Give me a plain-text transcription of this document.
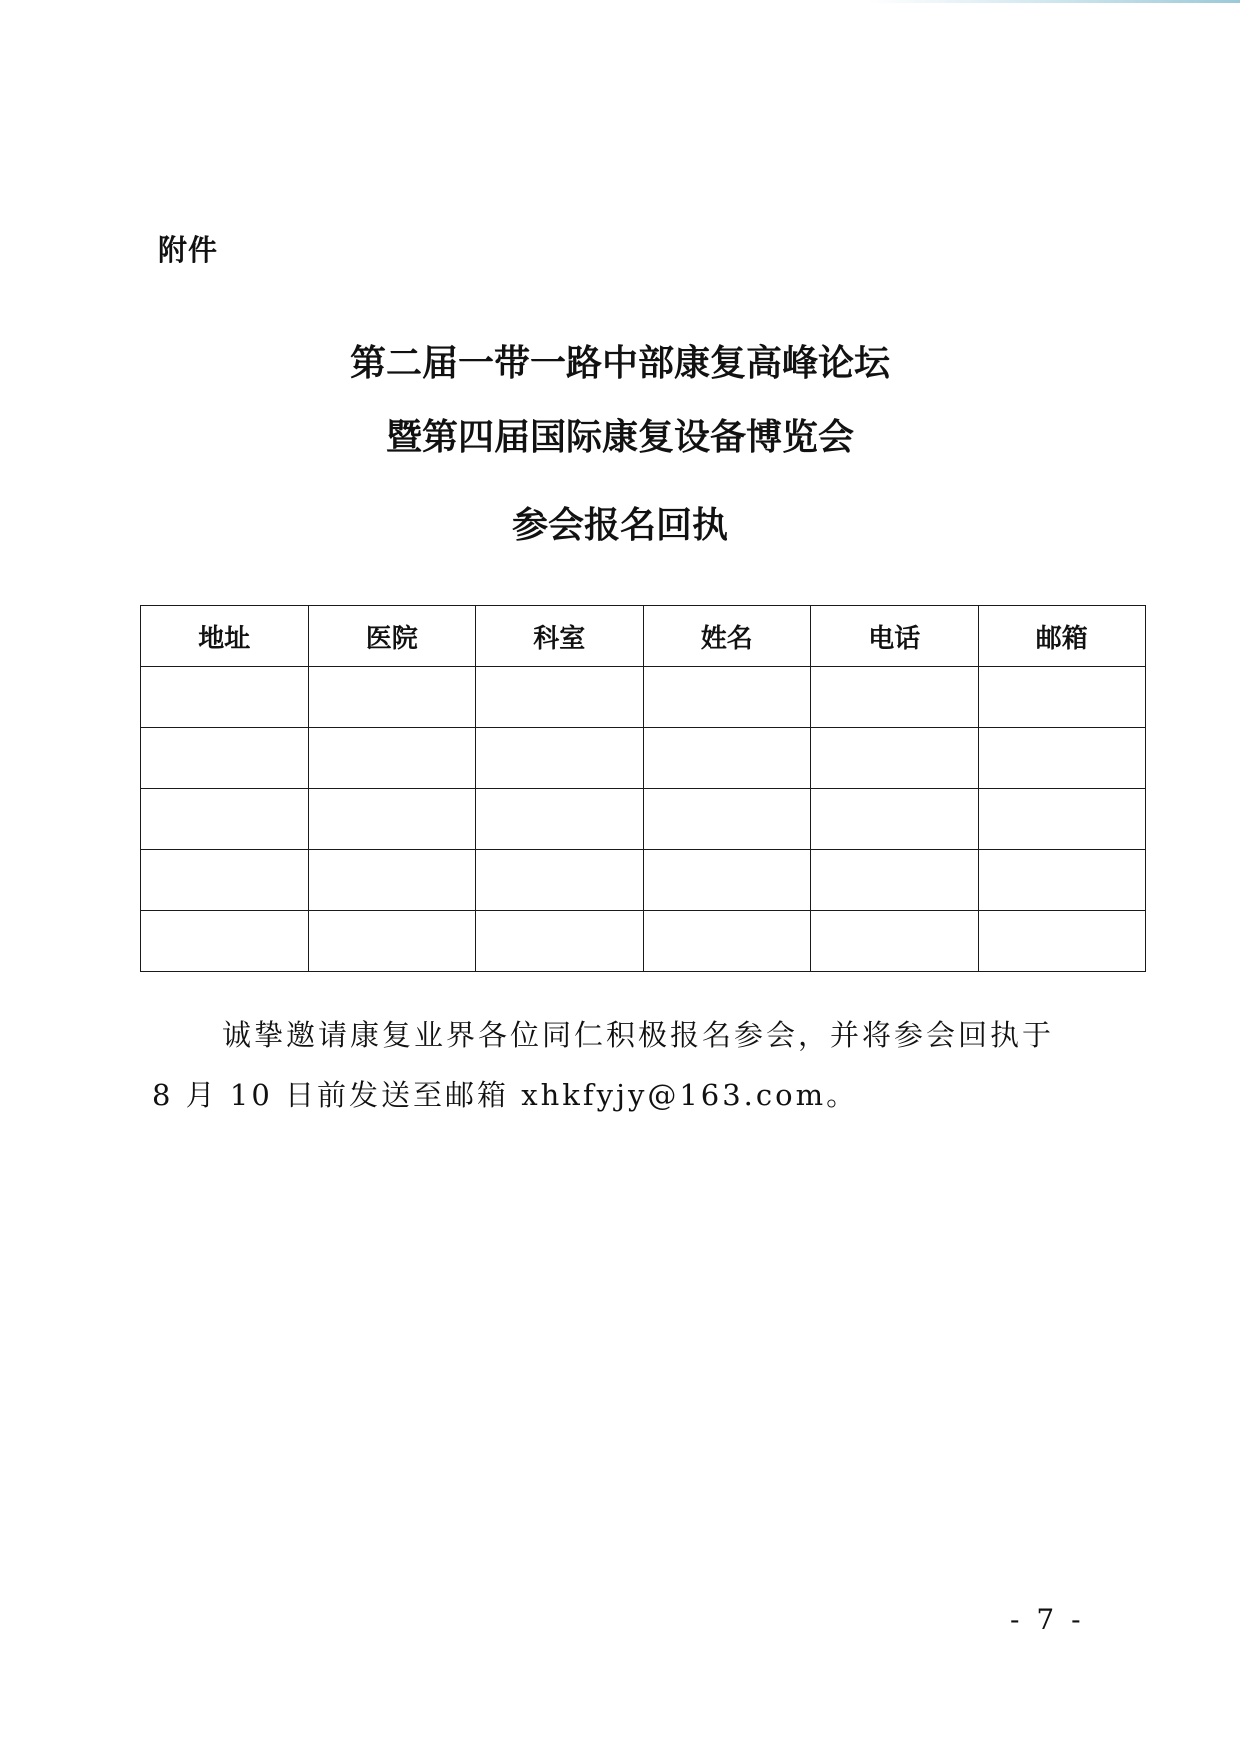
附件
第二届一带一路中部康复高峰论坛
暨第四届国际康复设备博览会
参会报名回执
地址	医院	科室	姓名	电话	邮箱

诚挚邀请康复业界各位同仁积极报名参会，并将参会回执于
8 月 10 日前发送至邮箱 xhkfyjy@163.com。
- 7 -
